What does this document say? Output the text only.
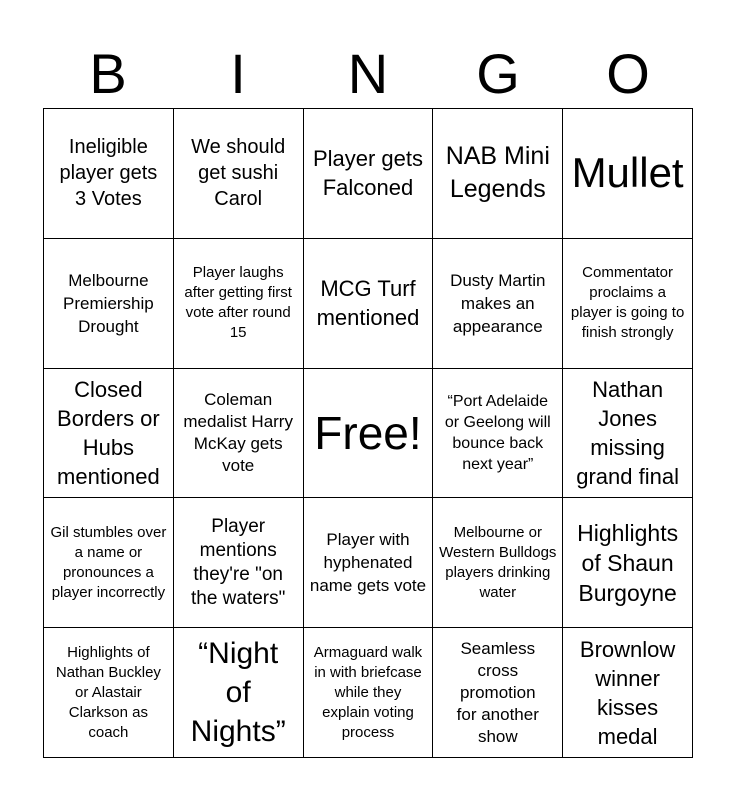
B	I	N	G	O
Ineligible player gets 3 Votes
We should get sushi Carol
Player gets Falconed
NAB Mini Legends Mullet
Melbourne Premiership Drought
Player laughs after getting first vote after round 15
MCG Turf mentioned
Dusty Martin makes an appearance
Commentator proclaims a player is going to finish strongly
Closed Borders or Hubs mentioned
Coleman medalist Harry McKay gets vote
Free!
“Port Adelaide or Geelong will bounce back next year”
Nathan Jones missing grand final
Gil stumbles over a name or pronounces a player incorrectly
Player mentions they're "on the waters"
Player with hyphenated name gets vote
Melbourne or Western Bulldogs players drinking water
Highlights of Shaun Burgoyne
Highlights of Nathan Buckley or Alastair Clarkson as coach
“Night of Nights”
Armaguard walk in with briefcase while they explain voting process
Seamless cross promotion for another show
Brownlow winner kisses medal
